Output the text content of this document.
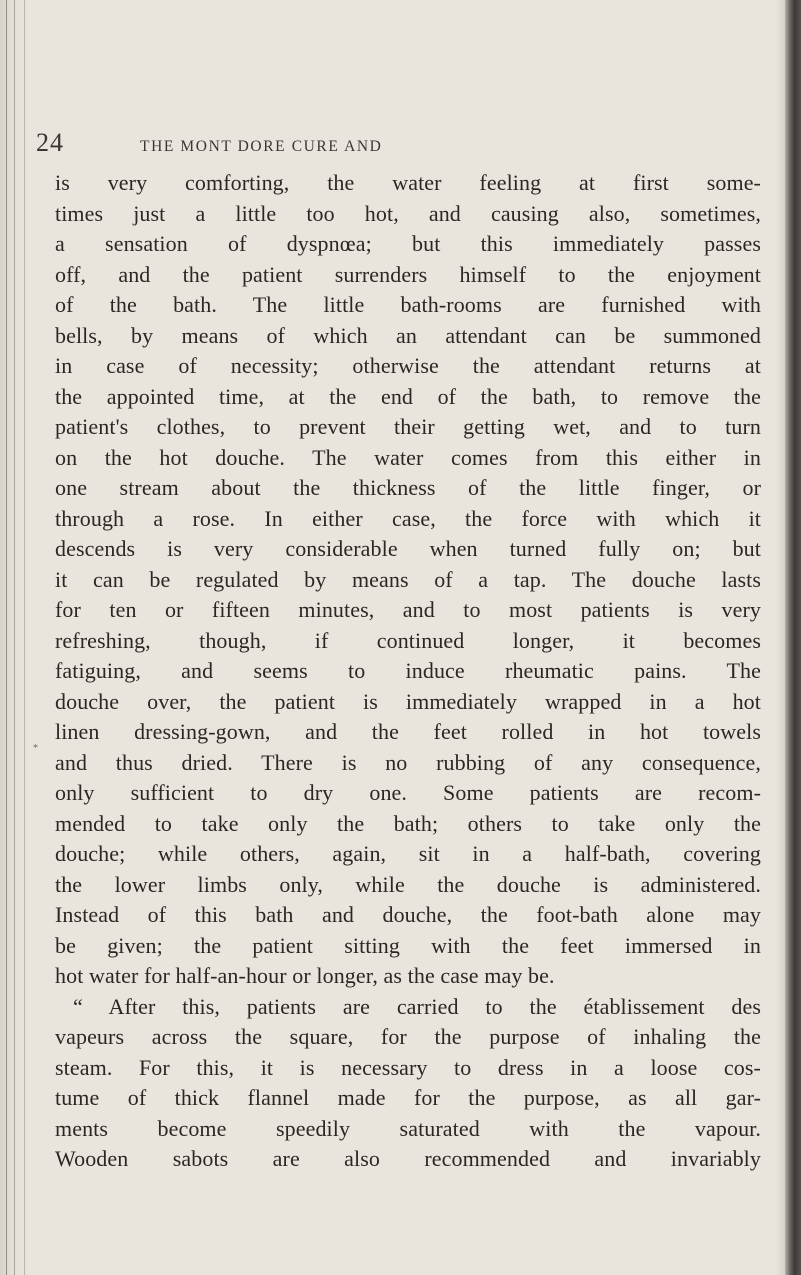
24	THE MONT DORE CURE AND
*
is very comforting, the water feeling at first some-
times just a little too hot, and causing also, sometimes,
a sensation of dyspnœa; but this immediately passes
off, and the patient surrenders himself to the enjoyment
of the bath. The little bath-rooms are furnished with
bells, by means of which an attendant can be summoned
in case of necessity; otherwise the attendant returns at
the appointed time, at the end of the bath, to remove the
patient's clothes, to prevent their getting wet, and to turn
on the hot douche. The water comes from this either in
one stream about the thickness of the little finger, or
through a rose. In either case, the force with which it
descends is very considerable when turned fully on; but
it can be regulated by means of a tap. The douche lasts
for ten or fifteen minutes, and to most patients is very
refreshing, though, if continued longer, it becomes
fatiguing, and seems to induce rheumatic pains. The
douche over, the patient is immediately wrapped in a hot
linen dressing-gown, and the feet rolled in hot towels
and thus dried. There is no rubbing of any consequence,
only sufficient to dry one. Some patients are recom-
mended to take only the bath; others to take only the
douche; while others, again, sit in a half-bath, covering
the lower limbs only, while the douche is administered.
Instead of this bath and douche, the foot-bath alone may
be given; the patient sitting with the feet immersed in
hot water for half-an-hour or longer, as the case may be.
“ After this, patients are carried to the établissement des
vapeurs across the square, for the purpose of inhaling the
steam. For this, it is necessary to dress in a loose cos-
tume of thick flannel made for the purpose, as all gar-
ments become speedily saturated with the vapour.
Wooden sabots are also recommended and invariably
